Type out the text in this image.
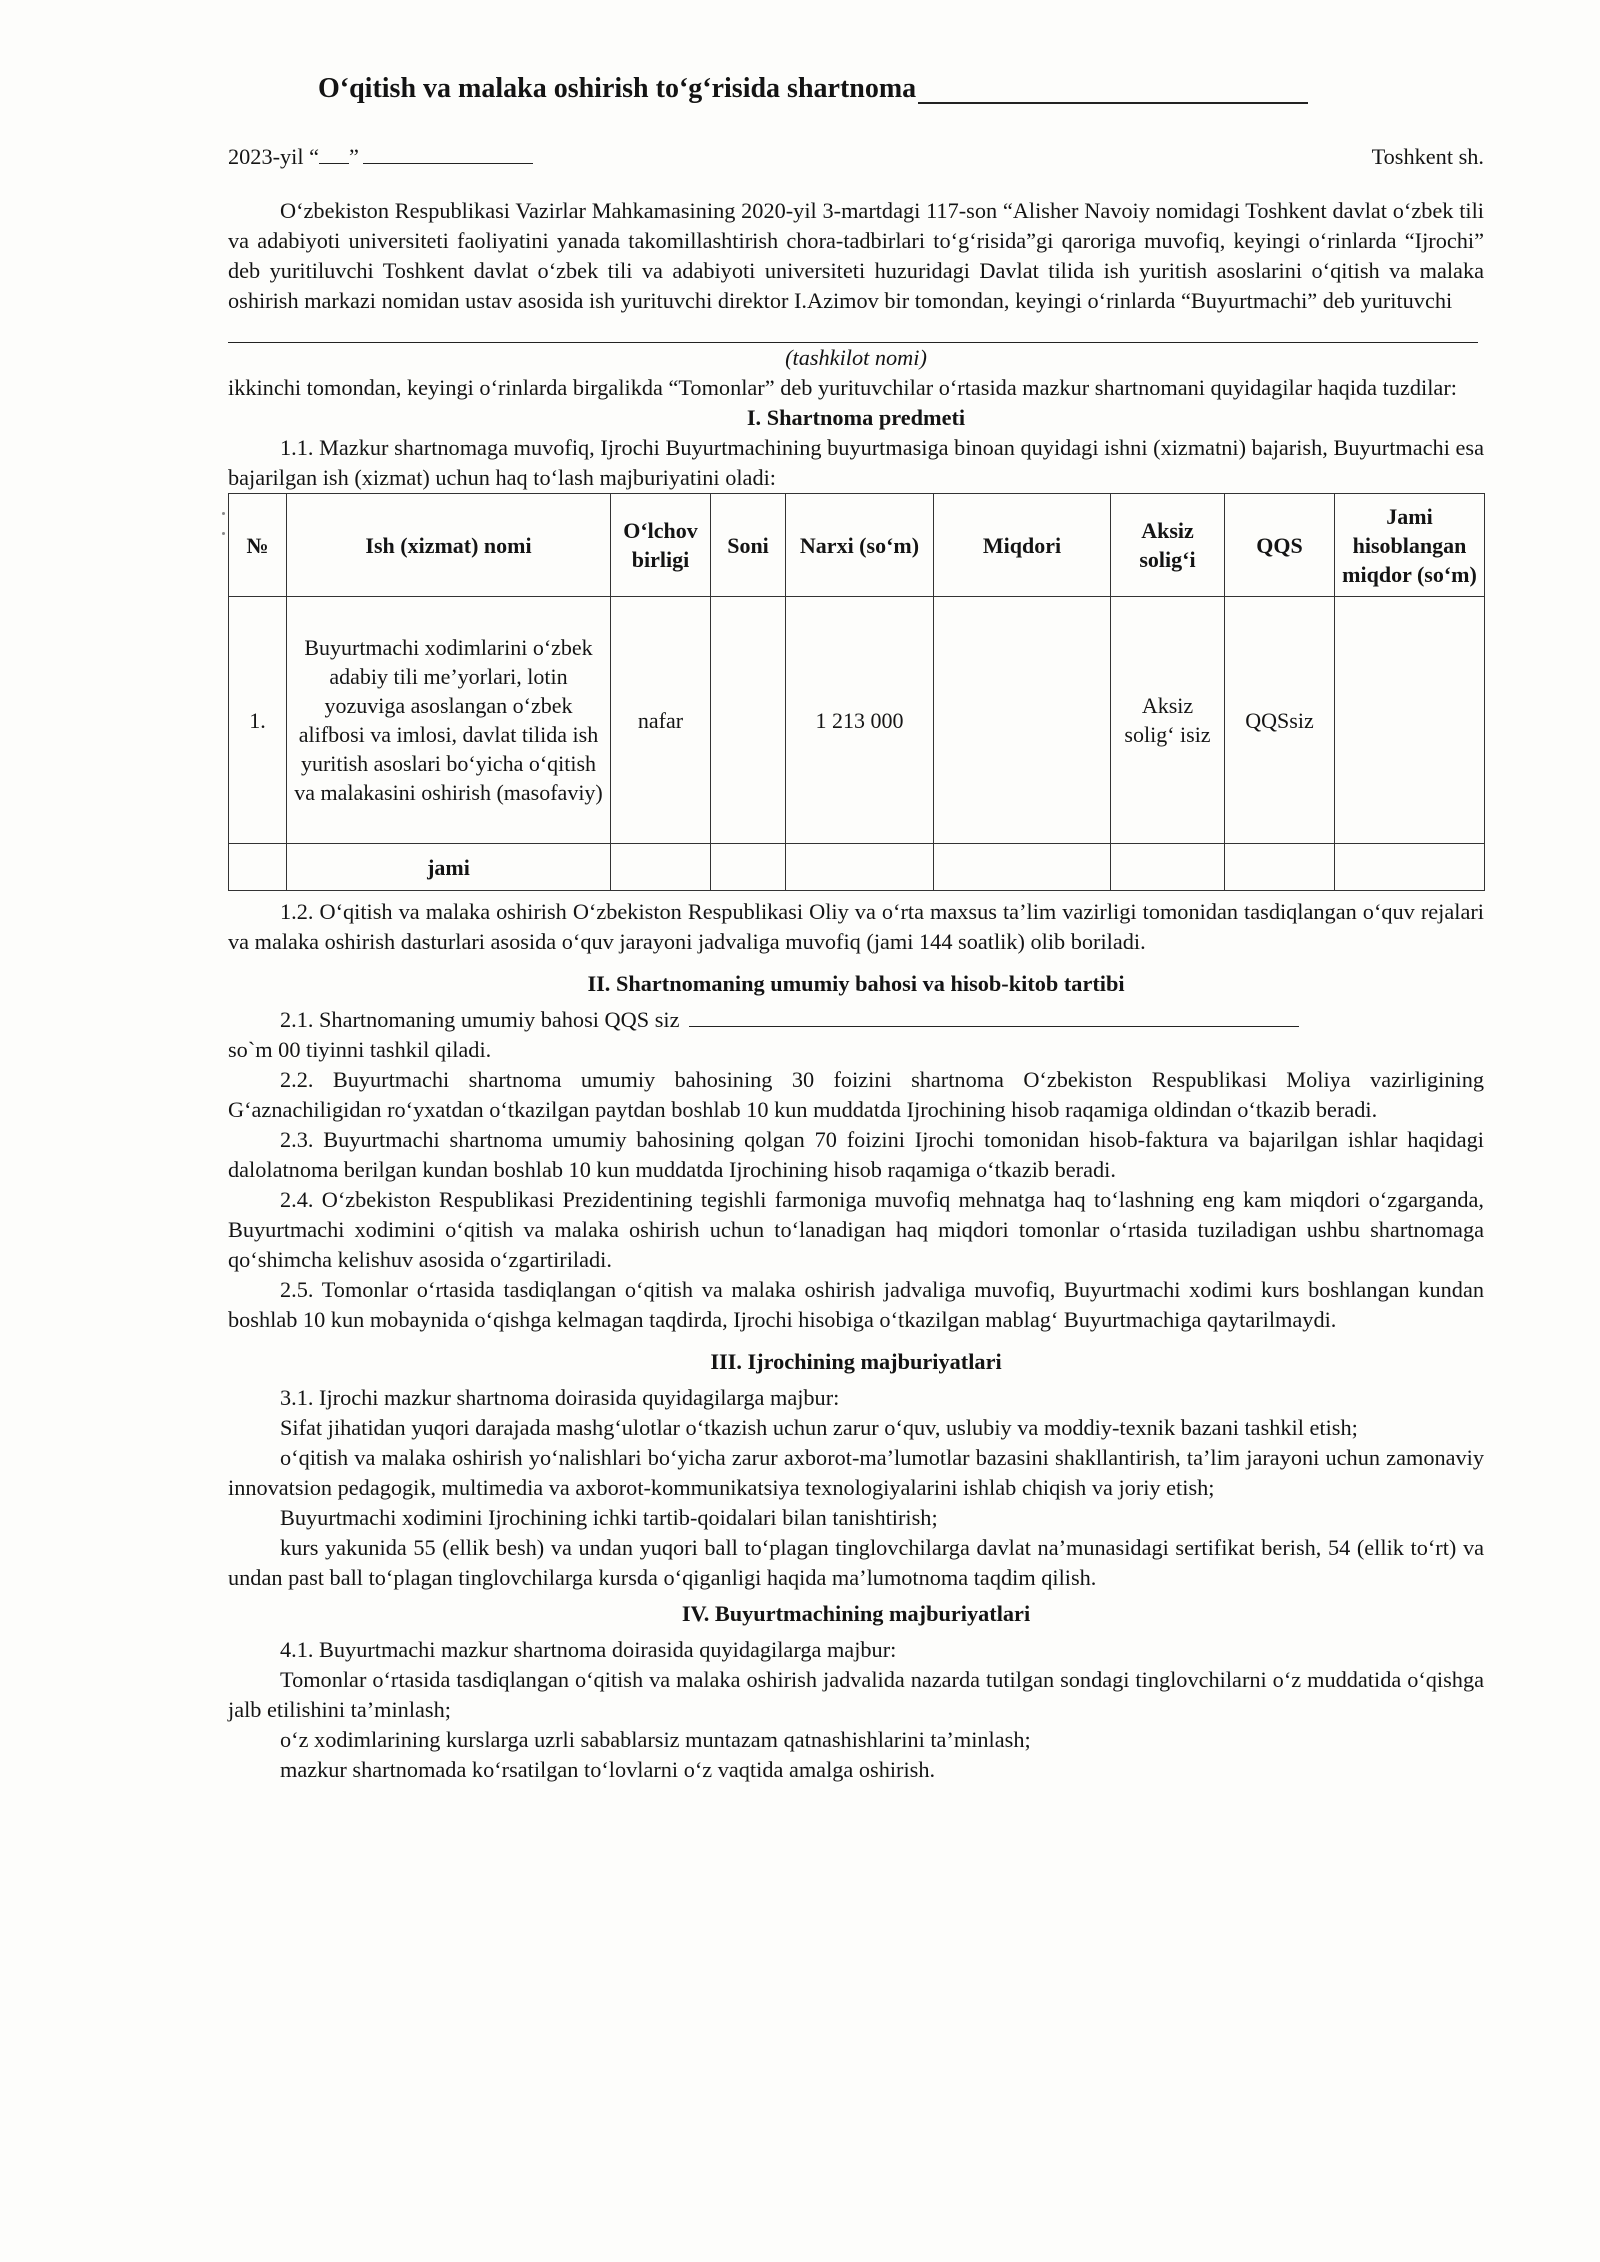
O‘qitish va malaka oshirish to‘g‘risida shartnoma
2023-yil “ ”	Toshkent sh.

O‘zbekiston Respublikasi Vazirlar Mahkamasining 2020-yil 3-martdagi 117-son “Alisher Navoiy nomidagi Toshkent davlat o‘zbek tili va adabiyoti universiteti faoliyatini yanada takomillashtirish chora-tadbirlari to‘g‘risida”gi qaroriga muvofiq, keyingi o‘rinlarda “Ijrochi” deb yuritiluvchi Toshkent davlat o‘zbek tili va adabiyoti universiteti huzuridagi Davlat tilida ish yuritish asoslarini o‘qitish va malaka oshirish markazi nomidan ustav asosida ish yurituvchi direktor I.Azimov bir tomondan, keyingi o‘rinlarda “Buyurtmachi” deb yurituvchi

(tashkilot nomi)

ikkinchi tomondan, keyingi o‘rinlarda birgalikda “Tomonlar” deb yurituvchilar o‘rtasida mazkur shartnomani quyidagilar haqida tuzdilar:

I. Shartnoma predmeti

1.1. Mazkur shartnomaga muvofiq, Ijrochi Buyurtmachining buyurtmasiga binoan quyidagi ishni (xizmatni) bajarish, Buyurtmachi esa bajarilgan ish (xizmat) uchun haq to‘lash majburiyatini oladi:

№	Ish (xizmat) nomi	O‘lchov birligi	Soni	Narxi (so‘m)	Miqdori	Aksiz solig‘i	QQS	Jami hisoblangan miqdor (so‘m)
1.	Buyurtmachi xodimlarini o‘zbek adabiy tili me’yorlari, lotin yozuviga asoslangan o‘zbek alifbosi va imlosi, davlat tilida ish yuritish asoslari bo‘yicha o‘qitish va malakasini oshirish (masofaviy)	nafar		1 213 000		Aksiz solig‘ isiz	QQSsiz	
	jami							

1.2. O‘qitish va malaka oshirish O‘zbekiston Respublikasi Oliy va o‘rta maxsus ta’lim vazirligi tomonidan tasdiqlangan o‘quv rejalari va malaka oshirish dasturlari asosida o‘quv jarayoni jadvaliga muvofiq (jami 144 soatlik) olib boriladi.

II. Shartnomaning umumiy bahosi va hisob-kitob tartibi

2.1. Shartnomaning umumiy bahosi QQS siz

so`m 00 tiyinni tashkil qiladi.

2.2. Buyurtmachi shartnoma umumiy bahosining 30 foizini shartnoma O‘zbekiston Respublikasi Moliya vazirligining G‘aznachiligidan ro‘yxatdan o‘tkazilgan paytdan boshlab 10 kun muddatda Ijrochining hisob raqamiga oldindan o‘tkazib beradi.

2.3. Buyurtmachi shartnoma umumiy bahosining qolgan 70 foizini Ijrochi tomonidan hisob-faktura va bajarilgan ishlar haqidagi dalolatnoma berilgan kundan boshlab 10 kun muddatda Ijrochining hisob raqamiga o‘tkazib beradi.

2.4. O‘zbekiston Respublikasi Prezidentining tegishli farmoniga muvofiq mehnatga haq to‘lashning eng kam miqdori o‘zgarganda, Buyurtmachi xodimini o‘qitish va malaka oshirish uchun to‘lanadigan haq miqdori tomonlar o‘rtasida tuziladigan ushbu shartnomaga qo‘shimcha kelishuv asosida o‘zgartiriladi.

2.5. Tomonlar o‘rtasida tasdiqlangan o‘qitish va malaka oshirish jadvaliga muvofiq, Buyurtmachi xodimi kurs boshlangan kundan boshlab 10 kun mobaynida o‘qishga kelmagan taqdirda, Ijrochi hisobiga o‘tkazilgan mablag‘ Buyurtmachiga qaytarilmaydi.

III. Ijrochining majburiyatlari

3.1. Ijrochi mazkur shartnoma doirasida quyidagilarga majbur:

Sifat jihatidan yuqori darajada mashg‘ulotlar o‘tkazish uchun zarur o‘quv, uslubiy va moddiy-texnik bazani tashkil etish;

o‘qitish va malaka oshirish yo‘nalishlari bo‘yicha zarur axborot-ma’lumotlar bazasini shakllantirish, ta’lim jarayoni uchun zamonaviy innovatsion pedagogik, multimedia va axborot-kommunikatsiya texnologiyalarini ishlab chiqish va joriy etish;

Buyurtmachi xodimini Ijrochining ichki tartib-qoidalari bilan tanishtirish;

kurs yakunida 55 (ellik besh) va undan yuqori ball to‘plagan tinglovchilarga davlat na’munasidagi sertifikat berish, 54 (ellik to‘rt) va undan past ball to‘plagan tinglovchilarga kursda o‘qiganligi haqida ma’lumotnoma taqdim qilish.

IV. Buyurtmachining majburiyatlari

4.1. Buyurtmachi mazkur shartnoma doirasida quyidagilarga majbur:

Tomonlar o‘rtasida tasdiqlangan o‘qitish va malaka oshirish jadvalida nazarda tutilgan sondagi tinglovchilarni o‘z muddatida o‘qishga jalb etilishini ta’minlash;

o‘z xodimlarining kurslarga uzrli sabablarsiz muntazam qatnashishlarini ta’minlash;

mazkur shartnomada ko‘rsatilgan to‘lovlarni o‘z vaqtida amalga oshirish.
